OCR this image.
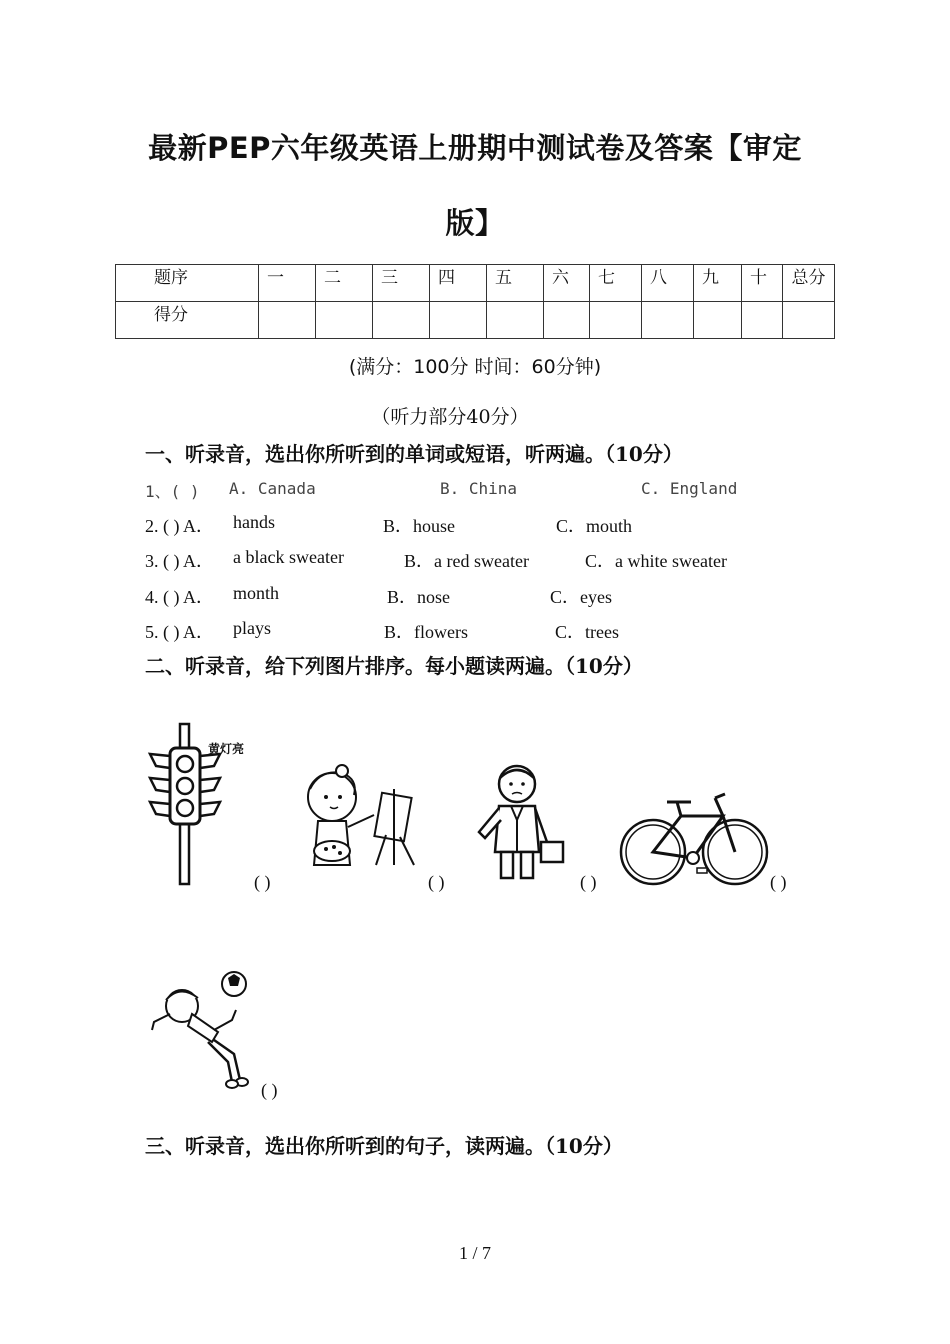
最新PEP六年级英语上册期中测试卷及答案【审定
版】
题序	一	二	三	四	五	六	七	八	九	十	总分
得分											
(满分：100分 时间：60分钟)
（听力部分40分）
一、听录音，选出你所听到的单词或短语，听两遍。（10分）
1、( ) A. Canada	B. China	C. England
2. ( ) A． hands	B．house	C．mouth
3. ( ) A． a black sweater	B．a red sweater	C．a white sweater
4. ( ) A． month	B．nose	C．eyes
5. ( ) A． plays	B．flowers	C．trees
二、听录音，给下列图片排序。每小题读两遍。（10分）
黄灯亮
( )	( )	( )	( )
( )
三、听录音，选出你所听到的句子，读两遍。（10分）
1 / 7
